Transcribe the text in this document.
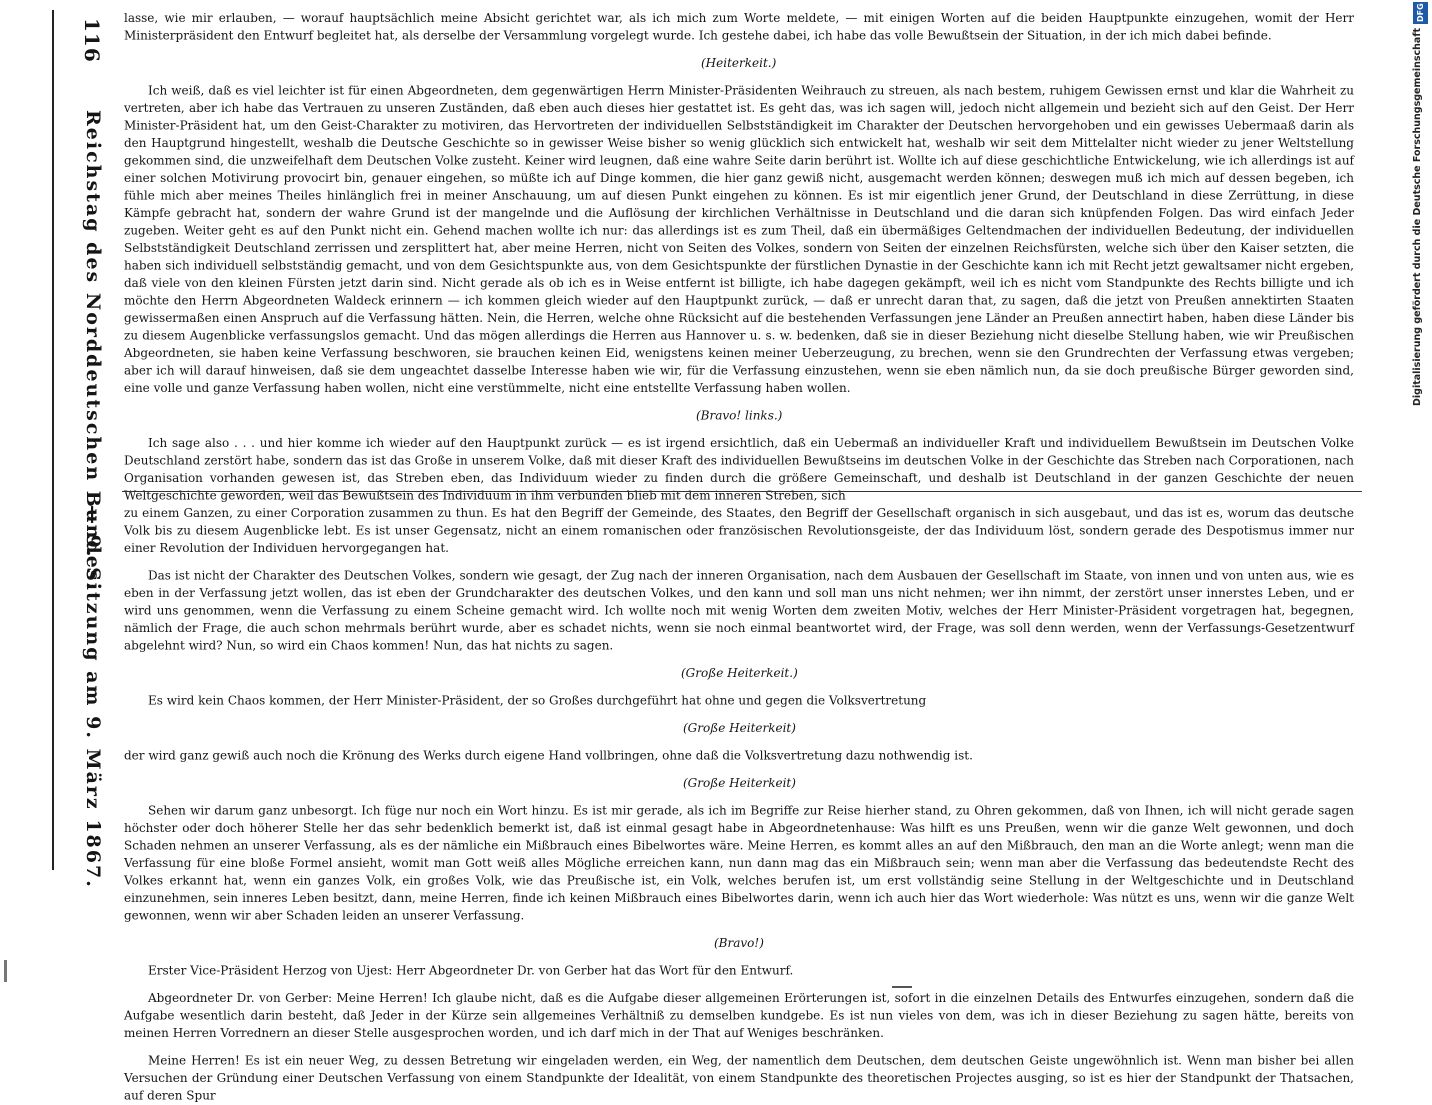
116
Reichstag des Norddeutschen Bundes.
— 9. Sitzung am 9. März 1867.

lasse, wie mir erlauben, — worauf hauptsächlich meine Absicht gerichtet war, als ich mich zum Worte meldete, — mit einigen Worten auf die beiden Hauptpunkte einzugehen, womit der Herr Ministerpräsident den Entwurf begleitet hat, als derselbe der Versammlung vorgelegt wurde. Ich gestehe dabei, ich habe das volle Bewußtsein der Situation, in der ich mich dabei befinde.

(Heiterkeit.)

Ich weiß, daß es viel leichter ist für einen Abgeordneten, dem gegenwärtigen Herrn Minister-Präsidenten Weihrauch zu streuen, als nach bestem, ruhigem Gewissen ernst und klar die Wahrheit zu vertreten, aber ich habe das Vertrauen zu unseren Zuständen, daß eben auch dieses hier gestattet ist. Es geht das, was ich sagen will, jedoch nicht allgemein und bezieht sich auf den Geist. Der Herr Minister-Präsident hat, um den Geist-Charakter zu motiviren, das Hervortreten der individuellen Selbstständigkeit im Charakter der Deutschen hervorgehoben und ein gewisses Uebermaaß darin als den Hauptgrund hingestellt, weshalb die Deutsche Geschichte so in gewisser Weise bisher so wenig glücklich sich entwickelt hat, weshalb wir seit dem Mittelalter nicht wieder zu jener Weltstellung gekommen sind, die unzweifelhaft dem Deutschen Volke zusteht. Keiner wird leugnen, daß eine wahre Seite darin berührt ist. Wollte ich auf diese geschichtliche Entwickelung, wie ich allerdings ist auf einer solchen Motivirung provocirt bin, genauer eingehen, so müßte ich auf Dinge kommen, die hier ganz gewiß nicht, ausgemacht werden können; deswegen muß ich mich auf dessen begeben, ich fühle mich aber meines Theiles hinlänglich frei in meiner Anschauung, um auf diesen Punkt eingehen zu können. Es ist mir eigentlich jener Grund, der Deutschland in diese Zerrüttung, in diese Kämpfe gebracht hat, sondern der wahre Grund ist der mangelnde und die Auflösung der kirchlichen Verhältnisse in Deutschland und die daran sich knüpfenden Folgen. Das wird einfach Jeder zugeben. Weiter geht es auf den Punkt nicht ein. Gehend machen wollte ich nur: das allerdings ist es zum Theil, daß ein übermäßiges Geltendmachen der individuellen Bedeutung, der individuellen Selbstständigkeit Deutschland zerrissen und zersplittert hat, aber meine Herren, nicht von Seiten des Volkes, sondern von Seiten der einzelnen Reichsfürsten, welche sich über den Kaiser setzten, die haben sich individuell selbstständig gemacht, und von dem Gesichtspunkte aus, von dem Gesichtspunkte der fürstlichen Dynastie in der Geschichte kann ich mit Recht jetzt gewaltsamer nicht ergeben, daß viele von den kleinen Fürsten jetzt darin sind. Nicht gerade als ob ich es in Weise entfernt ist billigte, ich habe dagegen gekämpft, weil ich es nicht vom Standpunkte des Rechts billigte und ich möchte den Herrn Abgeordneten Waldeck erinnern — ich kommen gleich wieder auf den Hauptpunkt zurück, — daß er unrecht daran that, zu sagen, daß die jetzt von Preußen annektirten Staaten gewissermaßen einen Anspruch auf die Verfassung hätten. Nein, die Herren, welche ohne Rücksicht auf die bestehenden Verfassungen jene Länder an Preußen annectirt haben, haben diese Länder bis zu diesem Augenblicke verfassungslos gemacht. Und das mögen allerdings die Herren aus Hannover u. s. w. bedenken, daß sie in dieser Beziehung nicht dieselbe Stellung haben, wie wir Preußischen Abgeordneten, sie haben keine Verfassung beschworen, sie brauchen keinen Eid, wenigstens keinen meiner Ueberzeugung, zu brechen, wenn sie den Grundrechten der Verfassung etwas vergeben; aber ich will darauf hinweisen, daß sie dem ungeachtet dasselbe Interesse haben wie wir, für die Verfassung einzustehen, wenn sie eben nämlich nun, da sie doch preußische Bürger geworden sind, eine volle und ganze Verfassung haben wollen, nicht eine verstümmelte, nicht eine entstellte Verfassung haben wollen.

(Bravo! links.)

Ich sage also . . . und hier komme ich wieder auf den Hauptpunkt zurück — es ist irgend ersichtlich, daß ein Uebermaß an individueller Kraft und individuellem Bewußtsein im Deutschen Volke Deutschland zerstört habe, sondern das ist das Große in unserem Volke, daß mit dieser Kraft des individuellen Bewußtseins im deutschen Volke in der Geschichte das Streben nach Corporationen, nach Organisation vorhanden gewesen ist, das Streben eben, das Individuum wieder zu finden durch die größere Gemeinschaft, und deshalb ist Deutschland in der ganzen Geschichte der neuen Weltgeschichte geworden, weil das Bewußtsein des Individuum in ihm verbunden blieb mit dem inneren Streben, sich

zu einem Ganzen, zu einer Corporation zusammen zu thun. Es hat den Begriff der Gemeinde, des Staates, den Begriff der Gesellschaft organisch in sich ausgebaut, und das ist es, worum das deutsche Volk bis zu diesem Augenblicke lebt. Es ist unser Gegensatz, nicht an einem romanischen oder französischen Revolutionsgeiste, der das Individuum löst, sondern gerade des Despotismus immer nur einer Revolution der Individuen hervorgegangen hat.

Das ist nicht der Charakter des Deutschen Volkes, sondern wie gesagt, der Zug nach der inneren Organisation, nach dem Ausbauen der Gesellschaft im Staate, von innen und von unten aus, wie es eben in der Verfassung jetzt wollen, das ist eben der Grundcharakter des deutschen Volkes, und den kann und soll man uns nicht nehmen; wer ihn nimmt, der zerstört unser innerstes Leben, und er wird uns genommen, wenn die Verfassung zu einem Scheine gemacht wird. Ich wollte noch mit wenig Worten dem zweiten Motiv, welches der Herr Minister-Präsident vorgetragen hat, begegnen, nämlich der Frage, die auch schon mehrmals berührt wurde, aber es schadet nichts, wenn sie noch einmal beantwortet wird, der Frage, was soll denn werden, wenn der Verfassungs-Gesetzentwurf abgelehnt wird? Nun, so wird ein Chaos kommen! Nun, das hat nichts zu sagen.

(Große Heiterkeit.)

Es wird kein Chaos kommen, der Herr Minister-Präsident, der so Großes durchgeführt hat ohne und gegen die Volksvertretung

(Große Heiterkeit)

der wird ganz gewiß auch noch die Krönung des Werks durch eigene Hand vollbringen, ohne daß die Volksvertretung dazu nothwendig ist.

(Große Heiterkeit)

Sehen wir darum ganz unbesorgt. Ich füge nur noch ein Wort hinzu. Es ist mir gerade, als ich im Begriffe zur Reise hierher stand, zu Ohren gekommen, daß von Ihnen, ich will nicht gerade sagen höchster oder doch höherer Stelle her das sehr bedenklich bemerkt ist, daß ist einmal gesagt habe in Abgeordnetenhause: Was hilft es uns Preußen, wenn wir die ganze Welt gewonnen, und doch Schaden nehmen an unserer Verfassung, als es der nämliche ein Mißbrauch eines Bibelwortes wäre. Meine Herren, es kommt alles an auf den Mißbrauch, den man an die Worte anlegt; wenn man die Verfassung für eine bloße Formel ansieht, womit man Gott weiß alles Mögliche erreichen kann, nun dann mag das ein Mißbrauch sein; wenn man aber die Verfassung das bedeutendste Recht des Volkes erkannt hat, wenn ein ganzes Volk, ein großes Volk, wie das Preußische ist, ein Volk, welches berufen ist, um erst vollständig seine Stellung in der Weltgeschichte und in Deutschland einzunehmen, sein inneres Leben besitzt, dann, meine Herren, finde ich keinen Mißbrauch eines Bibelwortes darin, wenn ich auch hier das Wort wiederhole: Was nützt es uns, wenn wir die ganze Welt gewonnen, wenn wir aber Schaden leiden an unserer Verfassung.

(Bravo!)

Erster Vice-Präsident Herzog von Ujest: Herr Abgeordneter Dr. von Gerber hat das Wort für den Entwurf.

Abgeordneter Dr. von Gerber: Meine Herren! Ich glaube nicht, daß es die Aufgabe dieser allgemeinen Erörterungen ist, sofort in die einzelnen Details des Entwurfes einzugehen, sondern daß die Aufgabe wesentlich darin besteht, daß Jeder in der Kürze sein allgemeines Verhältniß zu demselben kundgebe. Es ist nun vieles von dem, was ich in dieser Beziehung zu sagen hätte, bereits von meinen Herren Vorrednern an dieser Stelle ausgesprochen worden, und ich darf mich in der That auf Weniges beschränken.

Meine Herren! Es ist ein neuer Weg, zu dessen Betretung wir eingeladen werden, ein Weg, der namentlich dem Deutschen, dem deutschen Geiste ungewöhnlich ist. Wenn man bisher bei allen Versuchen der Gründung einer Deutschen Verfassung von einem Standpunkte der Idealität, von einem Standpunkte des theoretischen Projectes ausging, so ist es hier der Standpunkt der Thatsachen, auf deren Spur

DFG
Digitalisierung gefördert durch die Deutsche Forschungsgemeinschaft
